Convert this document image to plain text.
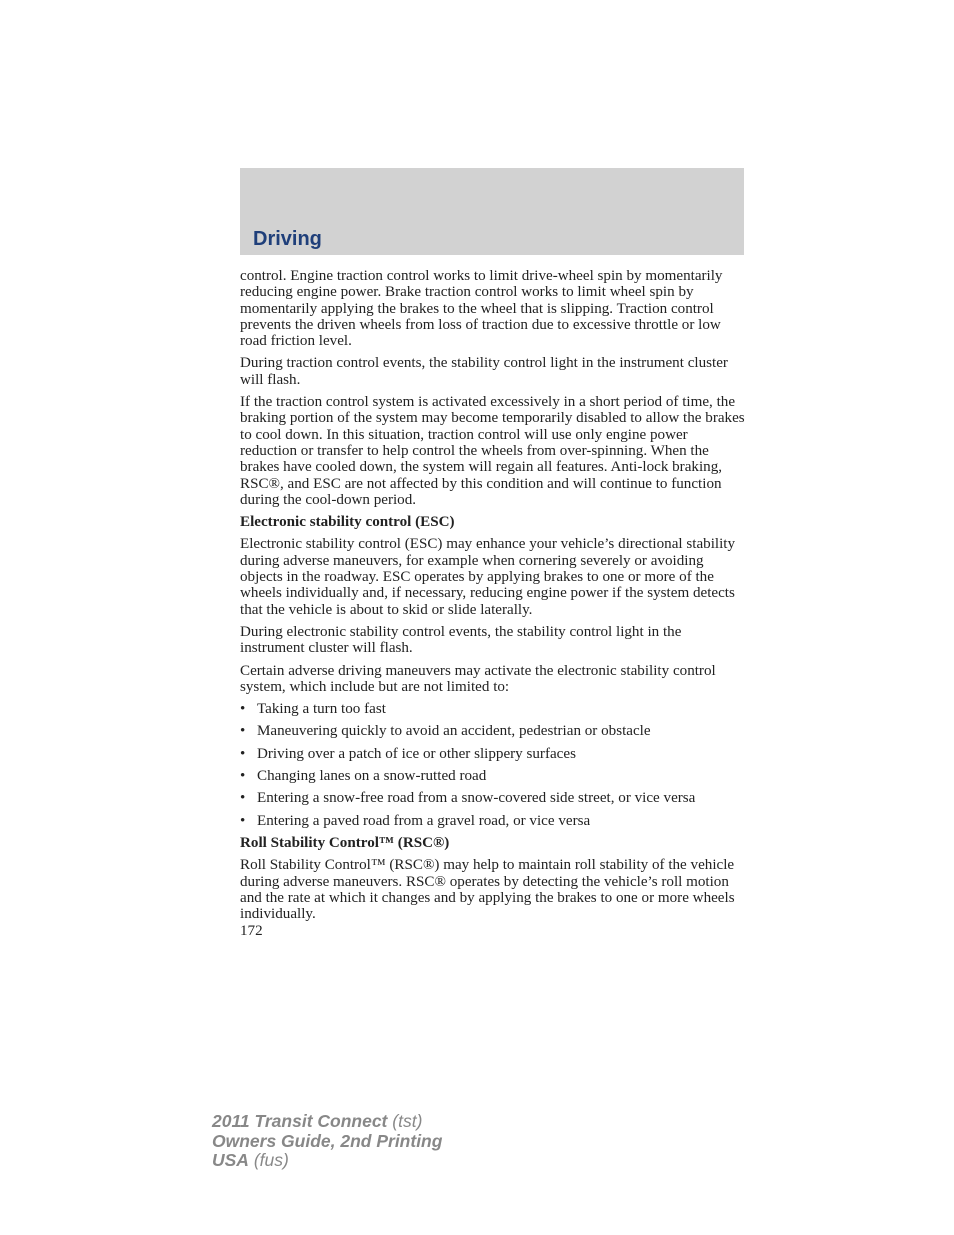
Driving

control. Engine traction control works to limit drive-wheel spin by momentarily reducing engine power. Brake traction control works to limit wheel spin by momentarily applying the brakes to the wheel that is slipping. Traction control prevents the driven wheels from loss of traction due to excessive throttle or low road friction level.

During traction control events, the stability control light in the instrument cluster will flash.

If the traction control system is activated excessively in a short period of time, the braking portion of the system may become temporarily disabled to allow the brakes to cool down. In this situation, traction control will use only engine power reduction or transfer to help control the wheels from over-spinning. When the brakes have cooled down, the system will regain all features. Anti-lock braking, RSC®, and ESC are not affected by this condition and will continue to function during the cool-down period.

Electronic stability control (ESC)

Electronic stability control (ESC) may enhance your vehicle’s directional stability during adverse maneuvers, for example when cornering severely or avoiding objects in the roadway. ESC operates by applying brakes to one or more of the wheels individually and, if necessary, reducing engine power if the system detects that the vehicle is about to skid or slide laterally.

During electronic stability control events, the stability control light in the instrument cluster will flash.

Certain adverse driving maneuvers may activate the electronic stability control system, which include but are not limited to:

• Taking a turn too fast
• Maneuvering quickly to avoid an accident, pedestrian or obstacle
• Driving over a patch of ice or other slippery surfaces
• Changing lanes on a snow-rutted road
• Entering a snow-free road from a snow-covered side street, or vice versa
• Entering a paved road from a gravel road, or vice versa
Roll Stability Control™ (RSC®)

Roll Stability Control™ (RSC®) may help to maintain roll stability of the vehicle during adverse maneuvers. RSC® operates by detecting the vehicle’s roll motion and the rate at which it changes and by applying the brakes to one or more wheels individually.

172
2011 Transit Connect (tst)
Owners Guide, 2nd Printing
USA (fus)
